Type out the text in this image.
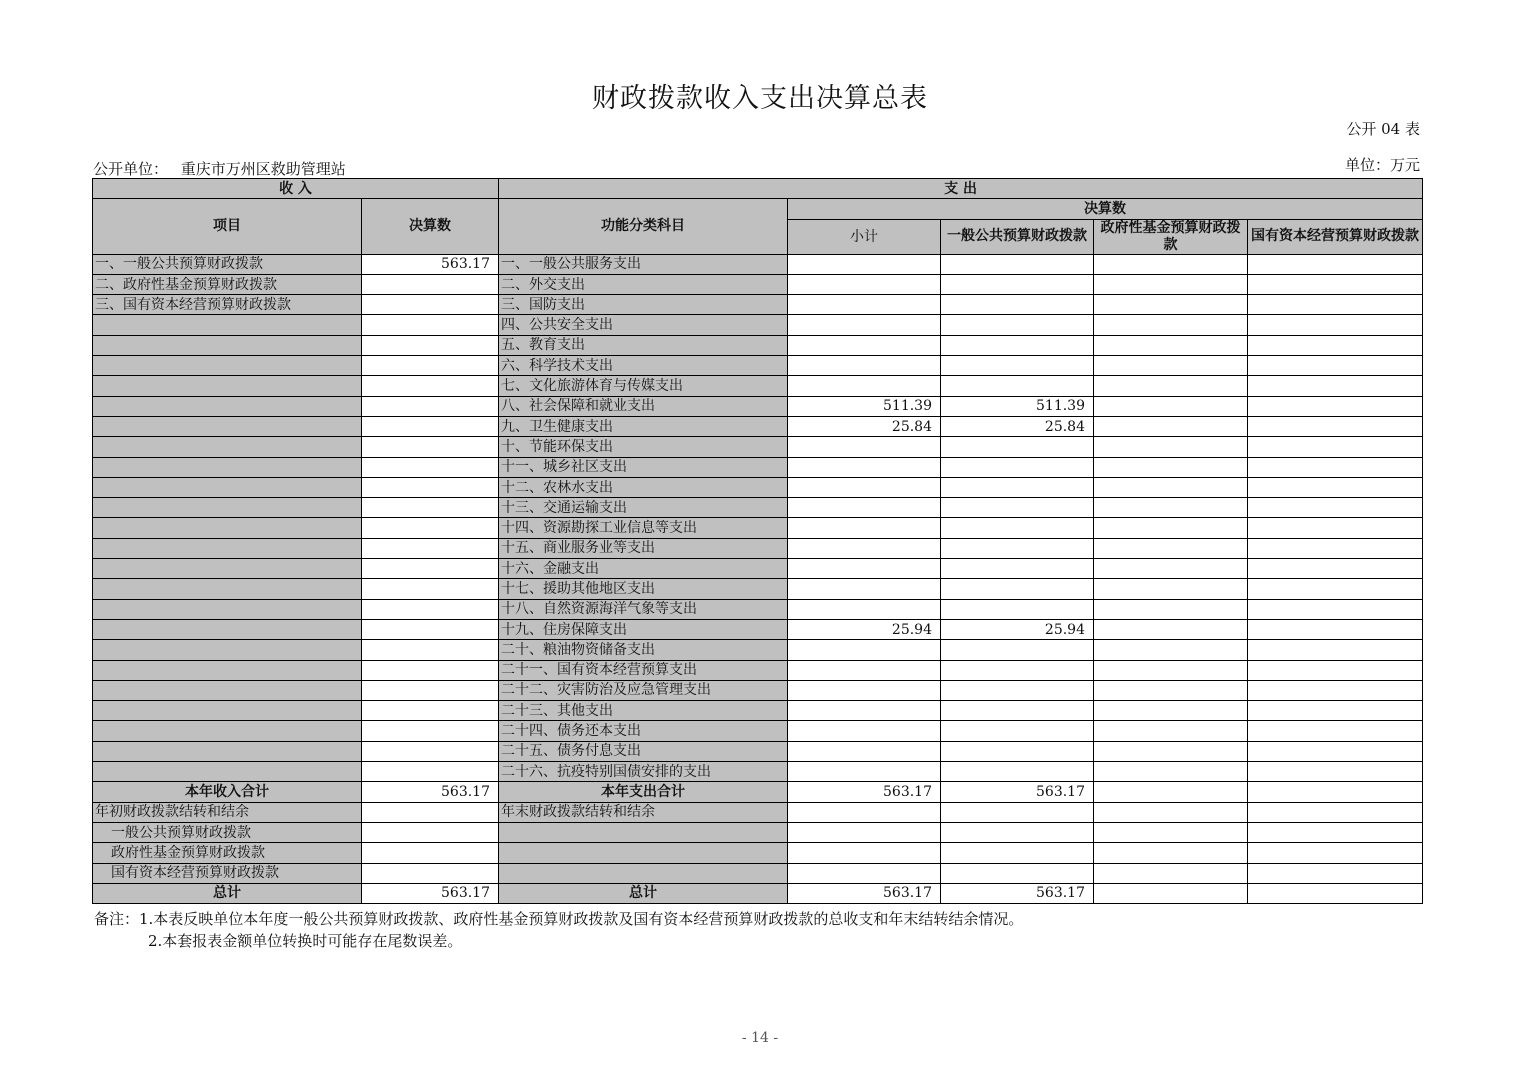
财政拨款收入支出决算总表
公开 04 表
公开单位： 重庆市万州区救助管理站	单位：万元
收 入		支 出				
项目	决算数	功能分类科目	决算数			
			小计	一般公共预算财政拨款	政府性基金预算财政拨款	国有资本经营预算财政拨款

一、一般公共预算财政拨款	563.17	一、一般公共服务支出				
二、政府性基金预算财政拨款		二、外交支出				
三、国有资本经营预算财政拨款		三、国防支出				
		四、公共安全支出				
		五、教育支出				
		六、科学技术支出				
		七、文化旅游体育与传媒支出				
		八、社会保障和就业支出	511.39	511.39		
		九、卫生健康支出	25.84	25.84		
		十、节能环保支出				
		十一、城乡社区支出				
		十二、农林水支出				
		十三、交通运输支出				
		十四、资源勘探工业信息等支出				
		十五、商业服务业等支出				
		十六、金融支出				
		十七、援助其他地区支出				
		十八、自然资源海洋气象等支出				
		十九、住房保障支出	25.94	25.94		
		二十、粮油物资储备支出				
		二十一、国有资本经营预算支出				
		二十二、灾害防治及应急管理支出				
		二十三、其他支出				
		二十四、债务还本支出				
		二十五、债务付息支出				
		二十六、抗疫特别国债安排的支出				
本年收入合计	563.17	本年支出合计	563.17	563.17		
年初财政拨款结转和结余		年末财政拨款结转和结余				
一般公共预算财政拨款						
政府性基金预算财政拨款						
国有资本经营预算财政拨款						
总计	563.17	总计	563.17	563.17		
备注：1.本表反映单位本年度一般公共预算财政拨款、政府性基金预算财政拨款及国有资本经营预算财政拨款的总收支和年末结转结余情况。
2.本套报表金额单位转换时可能存在尾数误差。
- 14 -
